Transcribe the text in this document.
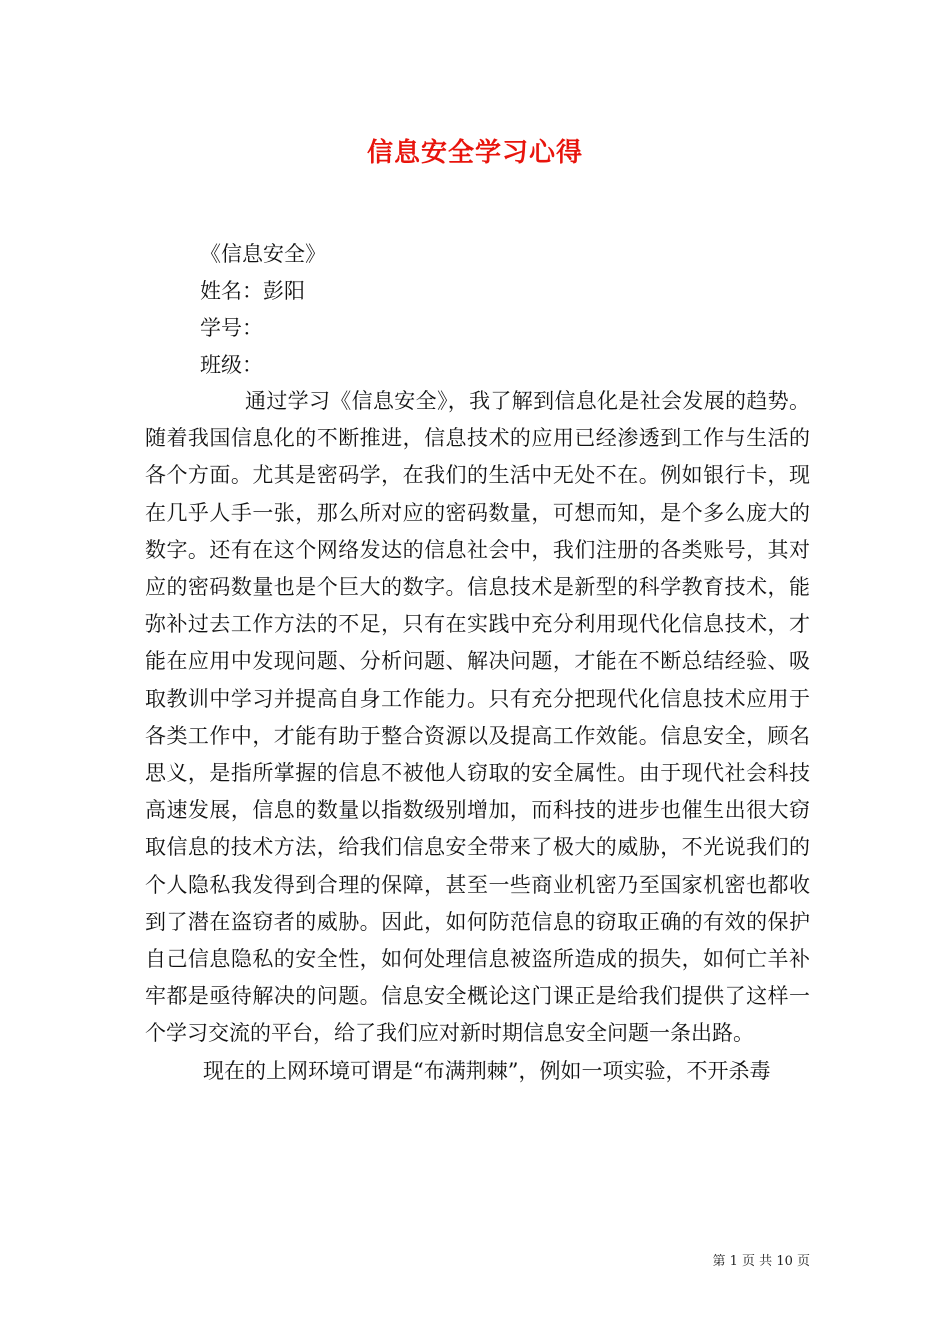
信息安全学习心得
《信息安全》
姓名：彭阳
学号：
班级：

通过学习《信息安全》，我了解到信息化是社会发展的趋势。随着我国信息化的不断推进，信息技术的应用已经渗透到工作与生活的各个方面。尤其是密码学，在我们的生活中无处不在。例如银行卡，现在几乎人手一张，那么所对应的密码数量，可想而知，是个多么庞大的数字。还有在这个网络发达的信息社会中，我们注册的各类账号，其对应的密码数量也是个巨大的数字。信息技术是新型的科学教育技术，能弥补过去工作方法的不足，只有在实践中充分利用现代化信息技术，才能在应用中发现问题、分析问题、解决问题，才能在不断总结经验、吸取教训中学习并提高自身工作能力。只有充分把现代化信息技术应用于各类工作中，才能有助于整合资源以及提高工作效能。信息安全，顾名思义，是指所掌握的信息不被他人窃取的安全属性。由于现代社会科技高速发展，信息的数量以指数级别增加，而科技的进步也催生出很大窃取信息的技术方法，给我们信息安全带来了极大的威胁，不光说我们的个人隐私我发得到合理的保障，甚至一些商业机密乃至国家机密也都收到了潜在盗窃者的威胁。因此，如何防范信息的窃取正确的有效的保护自己信息隐私的安全性，如何处理信息被盗所造成的损失，如何亡羊补牢都是亟待解决的问题。信息安全概论这门课正是给我们提供了这样一个学习交流的平台，给了我们应对新时期信息安全问题一条出路。

现在的上网环境可谓是“布满荆棘”，例如一项实验，不开杀毒

第 1 页 共 10 页
